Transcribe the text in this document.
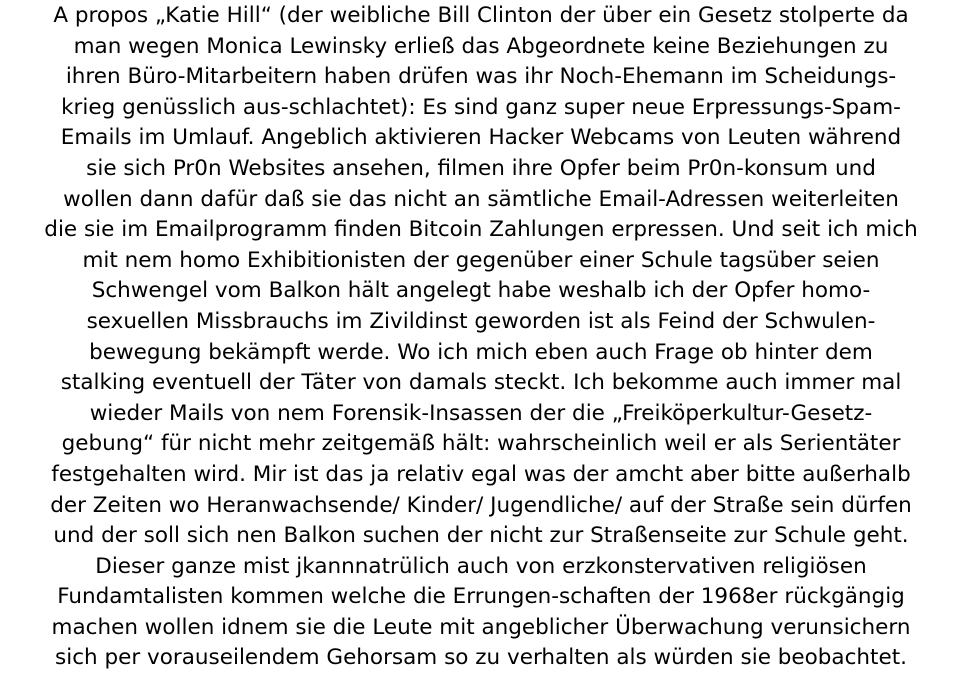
A propos „Katie Hill“ (der weibliche Bill Clinton der über ein Gesetz stolperte da
man wegen Monica Lewinsky erließ das Abgeordnete keine Beziehungen zu
ihren Büro-Mitarbeitern haben drüfen was ihr Noch-Ehemann im Scheidungs-
krieg genüsslich aus-schlachtet): Es sind ganz super neue Erpressungs-Spam-
Emails im Umlauf. Angeblich aktivieren Hacker Webcams von Leuten während
sie sich Pr0n Websites ansehen, filmen ihre Opfer beim Pr0n-konsum und
wollen dann dafür daß sie das nicht an sämtliche Email-Adressen weiterleiten
die sie im Emailprogramm finden Bitcoin Zahlungen erpressen. Und seit ich mich
mit nem homo Exhibitionisten der gegenüber einer Schule tagsüber seien
Schwengel vom Balkon hält angelegt habe weshalb ich der Opfer homo-
sexuellen Missbrauchs im Zivildinst geworden ist als Feind der Schwulen-
bewegung bekämpft werde. Wo ich mich eben auch Frage ob hinter dem
stalking eventuell der Täter von damals steckt. Ich bekomme auch immer mal
wieder Mails von nem Forensik-Insassen der die „Freiköperkultur-Gesetz-
gebung“ für nicht mehr zeitgemäß hält: wahrscheinlich weil er als Serientäter
festgehalten wird. Mir ist das ja relativ egal was der amcht aber bitte außerhalb
der Zeiten wo Heranwachsende/ Kinder/ Jugendliche/ auf der Straße sein dürfen
und der soll sich nen Balkon suchen der nicht zur Straßenseite zur Schule geht.
Dieser ganze mist jkannnatrülich auch von erzkonstervativen religiösen
Fundamtalisten kommen welche die Errungen-schaften der 1968er rückgängig
machen wollen idnem sie die Leute mit angeblicher Überwachung verunsichern
sich per vorauseilendem Gehorsam so zu verhalten als würden sie beobachtet.
